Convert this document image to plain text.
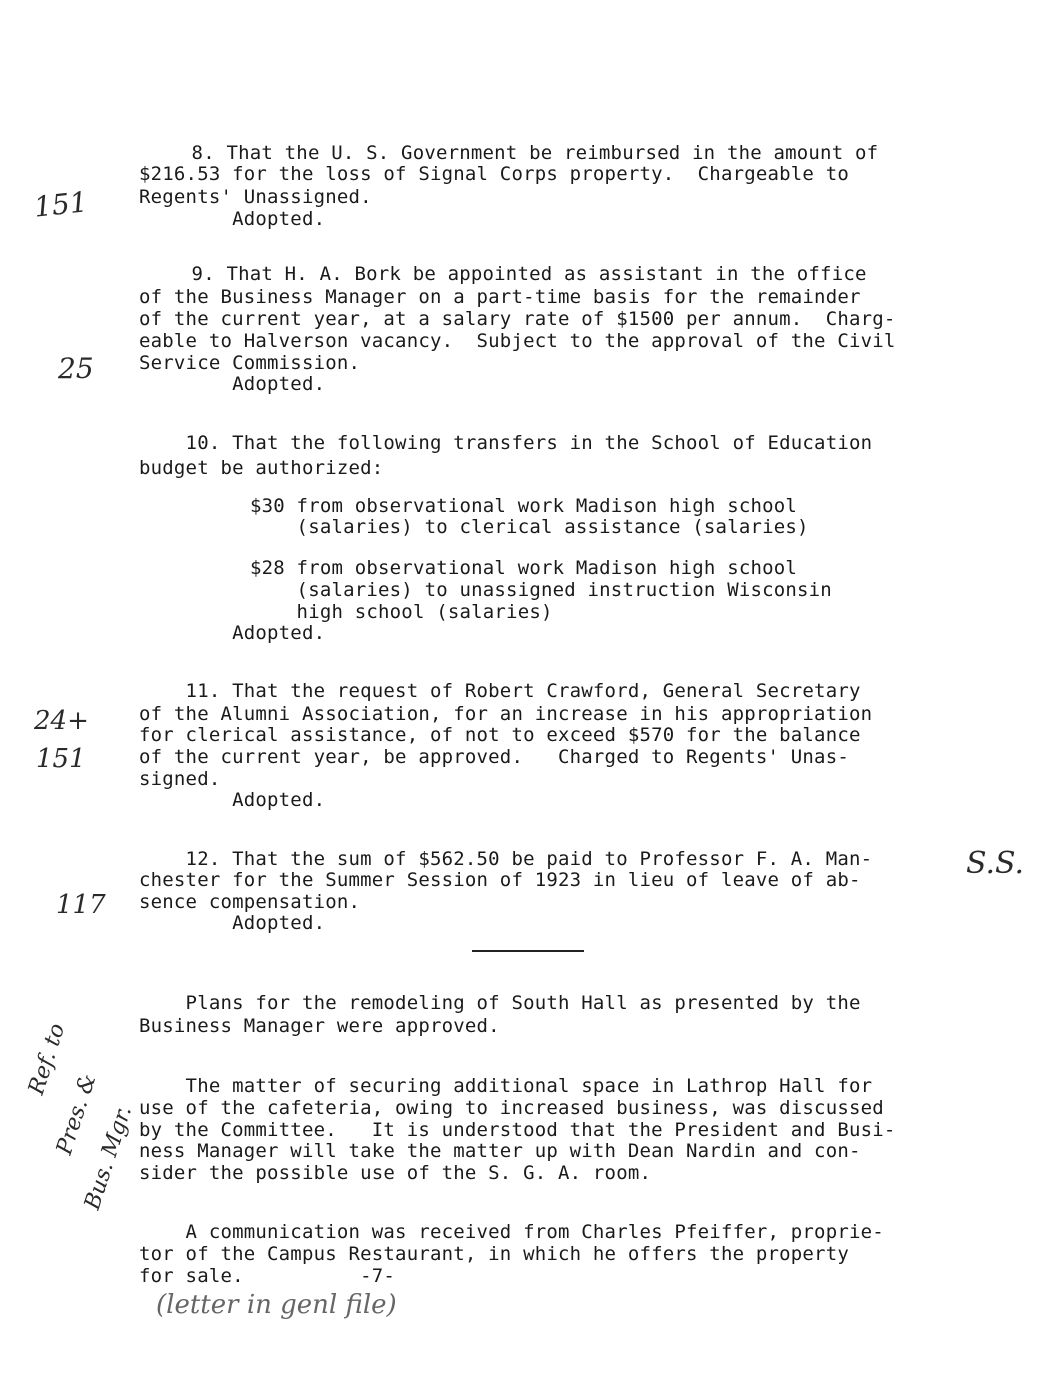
8. That the U. S. Government be reimbursed in the amount of
$216.53 for the loss of Signal Corps property.  Chargeable to
Regents' Unassigned.
Adopted.
9. That H. A. Bork be appointed as assistant in the office
of the Business Manager on a part-time basis for the remainder
of the current year, at a salary rate of $1500 per annum.  Charg-
eable to Halverson vacancy.  Subject to the approval of the Civil
Service Commission.
Adopted.
10. That the following transfers in the School of Education
budget be authorized:
$30 from observational work Madison high school
(salaries) to clerical assistance (salaries)
$28 from observational work Madison high school
(salaries) to unassigned instruction Wisconsin
high school (salaries)
Adopted.
11. That the request of Robert Crawford, General Secretary
of the Alumni Association, for an increase in his appropriation
for clerical assistance, of not to exceed $570 for the balance
of the current year, be approved.   Charged to Regents' Unas-
signed.
Adopted.
12. That the sum of $562.50 be paid to Professor F. A. Man-
chester for the Summer Session of 1923 in lieu of leave of ab-
sence compensation.
Adopted.
Plans for the remodeling of South Hall as presented by the
Business Manager were approved.
The matter of securing additional space in Lathrop Hall for
use of the cafeteria, owing to increased business, was discussed
by the Committee.   It is understood that the President and Busi-
ness Manager will take the matter up with Dean Nardin and con-
sider the possible use of the S. G. A. room.
A communication was received from Charles Pfeiffer, proprie-
tor of the Campus Restaurant, in which he offers the property
for sale.          -7-
151
25
24+
151
117
S.S.
Ref. to
Pres. &
Bus. Mgr.
(letter in genl file)
